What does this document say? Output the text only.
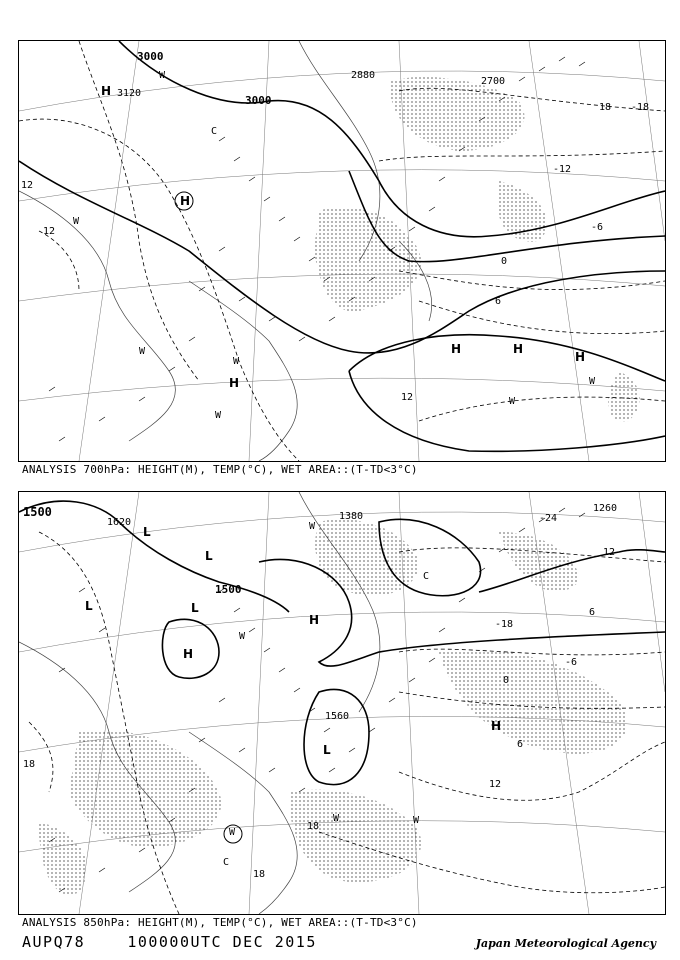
3000
3120
3000
2880
2700
12
12
-18
-12
-6
0
6
12
18
H
H
H
H	H
H
C
W
W
W
W
W
W
W
ANALYSIS 700hPa: HEIGHT(M), TEMP(°C), WET AREA::(T-TD<3°C)
1500
1500
1620
1380
1260
1560
-24
12
6
-18
18
-6
0
6
12
18
18
L
L
L	L
H
H
H
L
C
C
W
W
W	W
W
ANALYSIS 850hPa: HEIGHT(M), TEMP(°C), WET AREA::(T-TD<3°C)
AUPQ78	100000UTC DEC 2015	Japan Meteorological Agency
